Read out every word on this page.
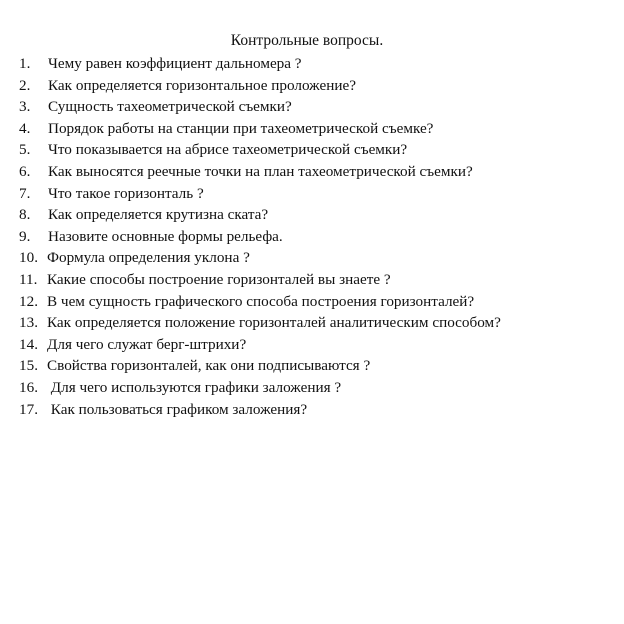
Контрольные вопросы.
1. Чему равен коэффициент дальномера ?
2. Как определяется горизонтальное проложение?
3. Сущность тахеометрической съемки?
4. Порядок работы на станции при тахеометрической съемке?
5. Что показывается на абрисе тахеометрической съемки?
6. Как выносятся реечные точки на план тахеометрической съемки?
7. Что такое горизонталь ?
8. Как определяется крутизна ската?
9. Назовите основные формы рельефа.
10. Формула определения уклона ?
11. Какие способы построение горизонталей вы знаете ?
12. В чем сущность графического способа построения горизонталей?
13. Как определяется положение горизонталей аналитическим способом?
14. Для чего служат берг-штрихи?
15. Свойства горизонталей, как они подписываются ?
16. Для чего используются графики заложения ?
17. Как пользоваться графиком заложения?
